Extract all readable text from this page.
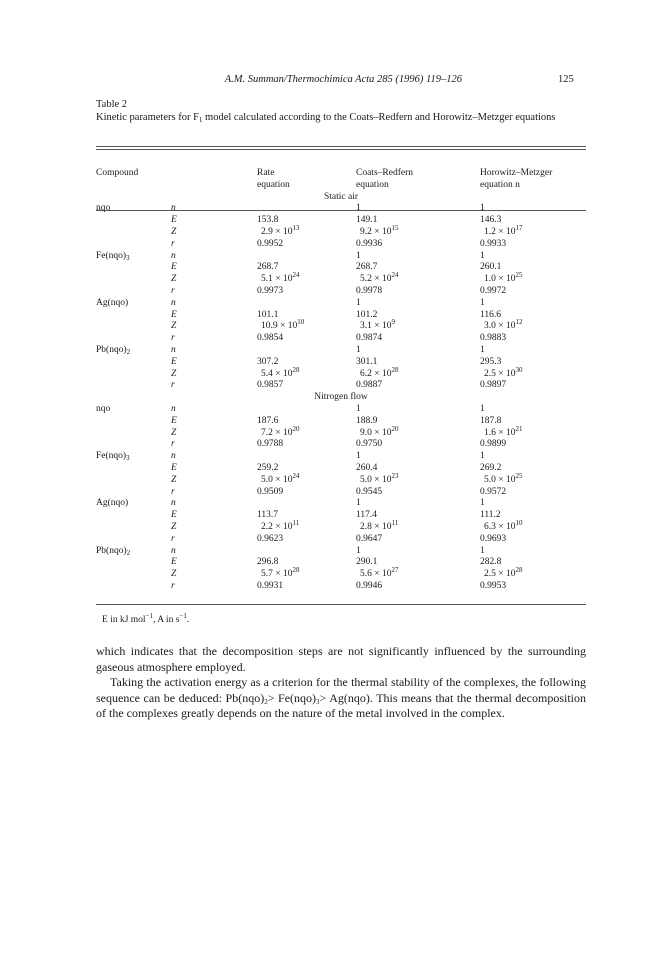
A.M. Summan/Thermochimica Acta 285 (1996) 119–126	125
Table 2
Kinetic parameters for $F_1$ model calculated according to the Coats–Redfern and Horowitz–Metzger equations
Compound		Rate	Coats–Redfern	Horowitz–Metzger
		equation	equation	equation n
Static air				
nqo	n		1	1
	E	153.8	149.1	146.3
	Z	$2.9 \times 10^{13}$	$9.2 \times 10^{15}$	$1.2 \times 10^{17}$
	r	0.9952	0.9936	0.9933
$Fe(nqo)_3$	n		1	1
	E	268.7	268.7	260.1
	Z	$5.1 \times 10^{24}$	$5.2 \times 10^{24}$	$1.0 \times 10^{25}$
	r	0.9973	0.9978	0.9972
Ag(nqo)	n		1	1
	E	101.1	101.2	116.6
	Z	$10.9 \times 10^{10}$	$3.1 \times 10^9$	$3.0 \times 10^{12}$
	r	0.9854	0.9874	0.9883
$Pb(nqo)_2$	n		1	1
	E	307.2	301.1	295.3
	Z	$5.4 \times 10^{28}$	$6.2 \times 10^{28}$	$2.5 \times 10^{30}$
	r	0.9857	0.9887	0.9897
Nitrogen flow				
nqo	n		1	1
	E	187.6	188.9	187.8
	Z	$7.2 \times 10^{20}$	$9.0 \times 10^{20}$	$1.6 \times 10^{21}$
	r	0.9788	0.9750	0.9899
$Fe(nqo)_3$	n		1	1
	E	259.2	260.4	269.2
	Z	$5.0 \times 10^{24}$	$5.0 \times 10^{23}$	$5.0 \times 10^{25}$
	r	0.9509	0.9545	0.9572
Ag(nqo)	n		1	1
	E	113.7	117.4	111.2
	Z	$2.2 \times 10^{11}$	$2.8 \times 10^{11}$	$6.3 \times 10^{10}$
	r	0.9623	0.9647	0.9693
$Pb(nqo)_2$	n		1	1
	E	296.8	290.1	282.8
	Z	$5.7 \times 10^{28}$	$5.6 \times 10^{27}$	$2.5 \times 10^{28}$
	r	0.9931	0.9946	0.9953
E in kJ mol$^{-1}$, A in $s^{-1}$.

which indicates that the decomposition steps are not significantly influenced by the surrounding gaseous atmosphere employed.

Taking the activation energy as a criterion for the thermal stability of the complexes, the following sequence can be deduced: $Pb(nqo)_2> Fe(nqo)_3> Ag(nqo)$. This means that the thermal decomposition of the complexes greatly depends on the nature of the metal involved in the complex.
